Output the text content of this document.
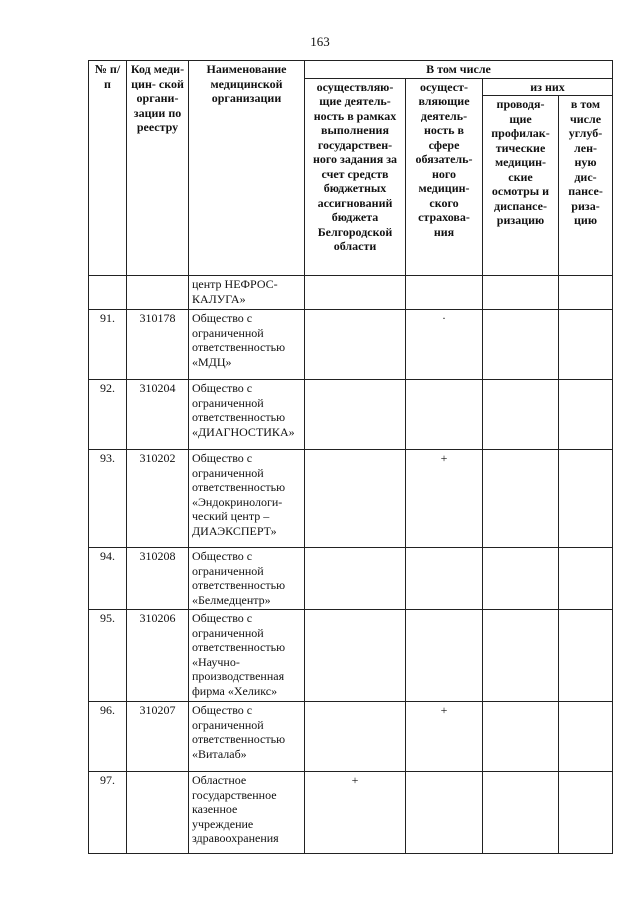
163
№ п/п	Код меди- цин- ской органи- зации по реестру	Наименование медицинской организации	В том числе			
			осуществляю- щие деятель- ность в рамках выполнения государствен- ного задания за счет средств бюджетных ассигнований бюджета Белгородской области	осущест- вляющие деятель- ность в сфере обязатель- ного медицин- ского страхова- ния	из них	
					проводя- щие профилак- тические медицин- ские осмотры и диспансе- ризацию	в том числе углуб- лен- ную дис- пансе- риза- цию
		центр НЕФРОС-КАЛУГА»				
91.	310178	Общество с ограниченной ответственностью «МДЦ»		·		
92.	310204	Общество с ограниченной ответственностью «ДИАГНОСТИКА»				
93.	310202	Общество с ограниченной ответственностью «Эндокринологи-ческий центр – ДИАЭКСПЕРТ»		+		
94.	310208	Общество с ограниченной ответственностью «Белмедцентр»				
95.	310206	Общество с ограниченной ответственностью «Научно-производственная фирма «Хеликс»				
96.	310207	Общество с ограниченной ответственностью «Виталаб»		+		
97.		Областное государственное казенное учреждение здравоохранения	+			
